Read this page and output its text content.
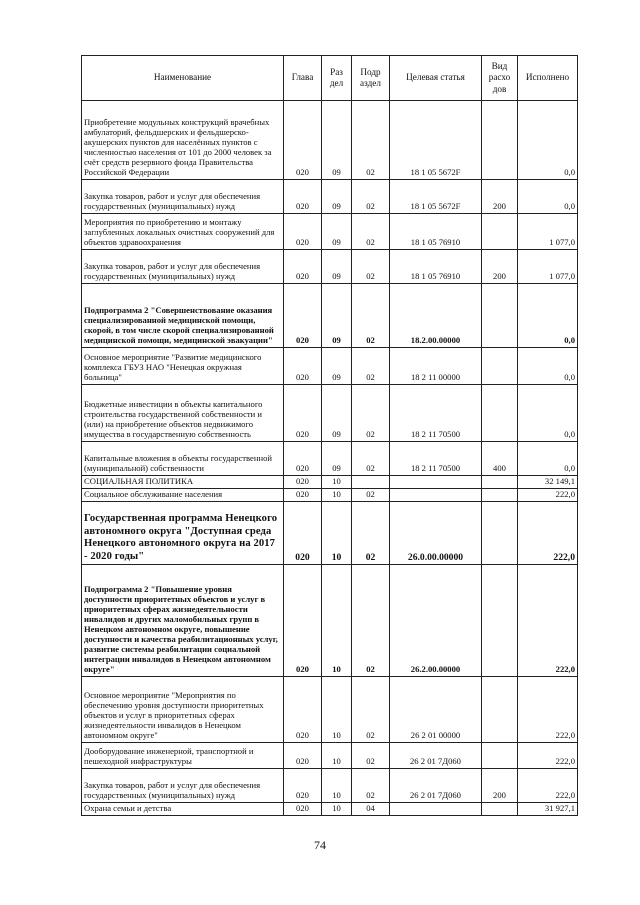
Наименование	Глава	Раз дел	Подр аздел	Целевая статья	Вид расхо дов	Исполнено
Приобретение модульных конструкций врачебных амбулаторий, фельдшерских и фельдшерско-акушерских пунктов для населённых пунктов с численностью населения от 101 до 2000 человек за счёт средств резервного фонда Правительства Российской Федерации	020	09	02	18 1 05 5672F		0,0
Закупка товаров, работ и услуг для обеспечения государственных (муниципальных) нужд	020	09	02	18 1 05 5672F	200	0,0
Мероприятия по приобретению и монтажу заглубленных локальных очистных сооружений для объектов здравоохранения	020	09	02	18 1 05 76910		1 077,0
Закупка товаров, работ и услуг для обеспечения государственных (муниципальных) нужд	020	09	02	18 1 05 76910	200	1 077,0
Подпрограмма 2 "Совершенствование оказания специализированной медицинской помощи, скорой, в том числе скорой специализированной медицинской помощи, медицинской эвакуации"	020	09	02	18.2.00.00000		0,0
Основное мероприятие "Развитие медицинского комплекса ГБУЗ НАО "Ненецкая окружная больница"	020	09	02	18 2 11 00000		0,0
Бюджетные инвестиции в объекты капитального строительства государственной собственности и (или) на приобретение объектов недвижимого имущества в государственную собственность	020	09	02	18 2 11 70500		0,0
Капитальные вложения в объекты государственной (муниципальной) собственности	020	09	02	18 2 11 70500	400	0,0
СОЦИАЛЬНАЯ ПОЛИТИКА	020	10				32 149,1
Социальное обслуживание населения	020	10	02			222,0
Государственная программа Ненецкого автономного округа "Доступная среда Ненецкого автономного округа на 2017 - 2020 годы"	020	10	02	26.0.00.00000		222,0
Подпрограмма 2 "Повышение уровня доступности приоритетных объектов и услуг в приоритетных сферах жизнедеятельности инвалидов и других маломобильных групп в Ненецком автономном округе, повышение доступности и качества реабилитационных услуг, развитие системы реабилитации социальной интеграции инвалидов в Ненецком автономном округе"	020	10	02	26.2.00.00000		222,0
Основное мероприятие "Мероприятия по обеспечению уровня доступности приоритетных объектов и услуг в приоритетных сферах жизнедеятельности инвалидов в Ненецком автономном округе"	020	10	02	26 2 01 00000		222,0
Дооборудование инженерной, транспортной и пешеходной инфраструктуры	020	10	02	26 2 01 7Д060		222,0
Закупка товаров, работ и услуг для обеспечения государственных (муниципальных) нужд	020	10	02	26 2 01 7Д060	200	222,0
Охрана семьи и детства	020	10	04			31 927,1
74
